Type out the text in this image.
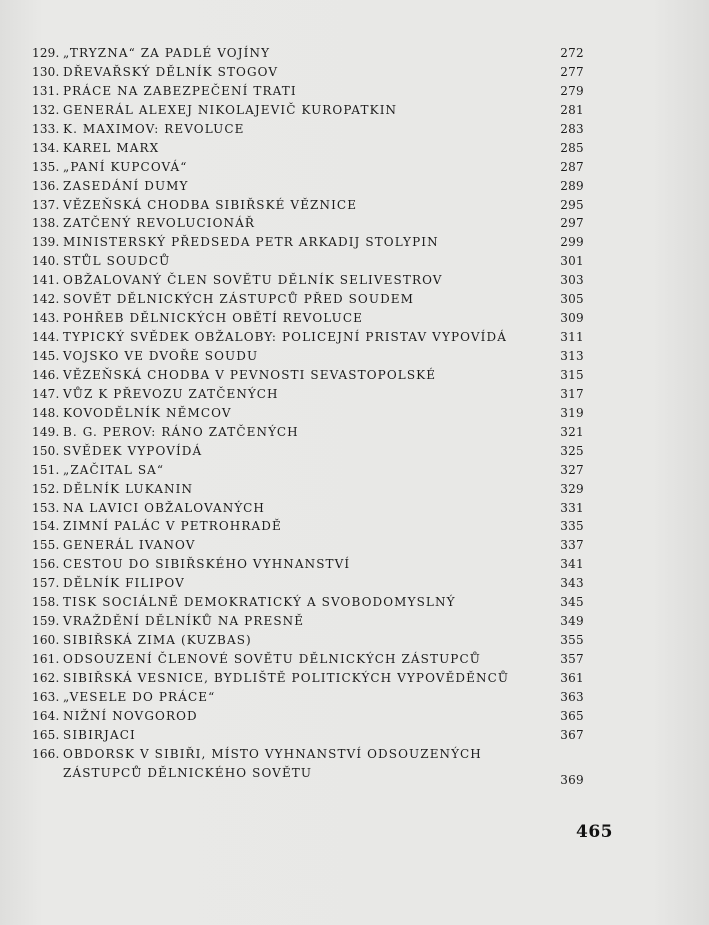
129. „TRYZNA“ ZA PADLÉ VOJÍNY	272
130. DŘEVAŘSKÝ DĚLNÍK STOGOV	277
131. PRÁCE NA ZABEZPEČENÍ TRATI	279
132. GENERÁL ALEXEJ NIKOLAJEVIČ KUROPATKIN	281
133. K. MAXIMOV: REVOLUCE	283
134. KAREL MARX	285
135. „PANÍ KUPCOVÁ“	287
136. ZASEDÁNÍ DUMY	289
137. VĚZEŇSKÁ CHODBA SIBIŘSKÉ VĚZNICE	295
138. ZATČENÝ REVOLUCIONÁŘ	297
139. MINISTERSKÝ PŘEDSEDA PETR ARKADIJ STOLYPIN	299
140. STŮL SOUDCŮ	301
141. OBŽALOVANÝ ČLEN SOVĚTU DĚLNÍK SELIVESTROV	303
142. SOVĚT DĚLNICKÝCH ZÁSTUPCŮ PŘED SOUDEM	305
143. POHŘEB DĚLNICKÝCH OBĚTÍ REVOLUCE	309
144. TYPICKÝ SVĚDEK OBŽALOBY: POLICEJNÍ PRISTAV VYPOVÍDÁ	311
145. VOJSKO VE DVOŘE SOUDU	313
146. VĚZEŇSKÁ CHODBA V PEVNOSTI SEVASTOPOLSKÉ	315
147. VŮZ K PŘEVOZU ZATČENÝCH	317
148. KOVODĚLNÍK NĚMCOV	319
149. B. G. PEROV: RÁNO ZATČENÝCH	321
150. SVĚDEK VYPOVÍDÁ	325
151. „ZAČITAL SA“	327
152. DĚLNÍK LUKANIN	329
153. NA LAVICI OBŽALOVANÝCH	331
154. ZIMNÍ PALÁC V PETROHRADĚ	335
155. GENERÁL IVANOV	337
156. CESTOU DO SIBIŘSKÉHO VYHNANSTVÍ	341
157. DĚLNÍK FILIPOV	343
158. TISK SOCIÁLNĚ DEMOKRATICKÝ A SVOBODOMYSLNÝ	345
159. VRAŽDĚNÍ DĚLNÍKŮ NA PRESNĚ	349
160. SIBIŘSKÁ ZIMA (KUZBAS)	355
161. ODSOUZENÍ ČLENOVÉ SOVĚTU DĚLNICKÝCH ZÁSTUPCŮ	357
162. SIBIŘSKÁ VESNICE, BYDLIŠTĚ POLITICKÝCH VYPOVĚDĚNCŮ	361
163. „VESELE DO PRÁCE“	363
164. NIŽNÍ NOVGOROD	365
165. SIBIRJACI	367
166. OBDORSK V SIBIŘI, MÍSTO VYHNANSTVÍ ODSOUZENÝCH ZÁSTUPCŮ DĚLNICKÉHO SOVĚTU	369
465
